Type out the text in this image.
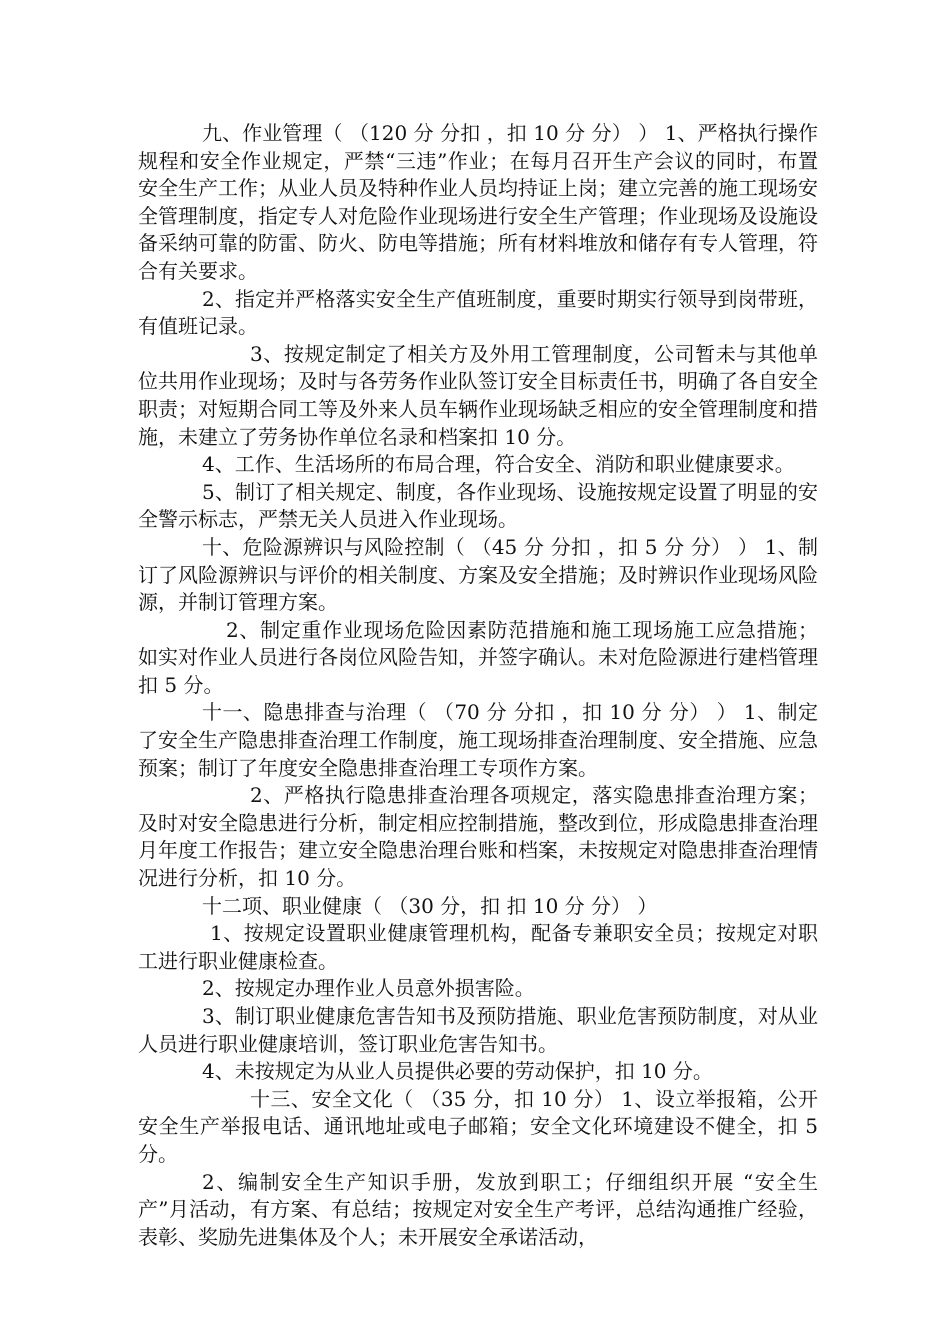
九、作业管理（ （120 分 分扣 ，扣 10 分 分） ） 1、严格执行操作规程和安全作业规定，严禁“三违”作业；在每月召开生产会议的同时，布置安全生产工作；从业人员及特种作业人员均持证上岗；建立完善的施工现场安全管理制度，指定专人对危险作业现场进行安全生产管理；作业现场及设施设备采纳可靠的防雷、防火、防电等措施；所有材料堆放和储存有专人管理，符合有关要求。

2、指定并严格落实安全生产值班制度，重要时期实行领导到岗带班，有值班记录。

3、按规定制定了相关方及外用工管理制度，公司暂未与其他单位共用作业现场；及时与各劳务作业队签订安全目标责任书，明确了各自安全职责；对短期合同工等及外来人员车辆作业现场缺乏相应的安全管理制度和措施，未建立了劳务协作单位名录和档案扣 10 分。

4、工作、生活场所的布局合理，符合安全、消防和职业健康要求。

5、制订了相关规定、制度，各作业现场、设施按规定设置了明显的安全警示标志，严禁无关人员进入作业现场。

十、危险源辨识与风险控制（ （45 分 分扣 ，扣 5 分 分） ） 1、制订了风险源辨识与评价的相关制度、方案及安全措施；及时辨识作业现场风险源，并制订管理方案。

2、制定重作业现场危险因素防范措施和施工现场施工应急措施； 如实对作业人员进行各岗位风险告知，并签字确认。未对危险源进行建档管理扣 5 分。

十一、隐患排查与治理（ （70 分 分扣 ，扣 10 分 分） ） 1、制定了安全生产隐患排查治理工作制度，施工现场排查治理制度、安全措施、应急预案；制订了年度安全隐患排查治理工专项作方案。

2、严格执行隐患排查治理各项规定，落实隐患排查治理方案；及时对安全隐患进行分析，制定相应控制措施，整改到位，形成隐患排查治理月年度工作报告；建立安全隐患治理台账和档案，未按规定对隐患排查治理情况进行分析，扣 10 分。

十二项、职业健康（ （30 分，扣 扣 10 分 分） ）

1、按规定设置职业健康管理机构，配备专兼职安全员；按规定对职工进行职业健康检查。

2、按规定办理作业人员意外损害险。

3、制订职业健康危害告知书及预防措施、职业危害预防制度，对从业人员进行职业健康培训，签订职业危害告知书。

4、未按规定为从业人员提供必要的劳动保护，扣 10 分。

十三、安全文化（ （35 分，扣 10 分） 1、设立举报箱，公开安全生产举报电话、通讯地址或电子邮箱；安全文化环境建设不健全，扣 5 分。

2、编制安全生产知识手册，发放到职工；仔细组织开展 “安全生产”月活动，有方案、有总结；按规定对安全生产考评，总结沟通推广经验，表彰、奖励先进集体及个人；未开展安全承诺活动，
